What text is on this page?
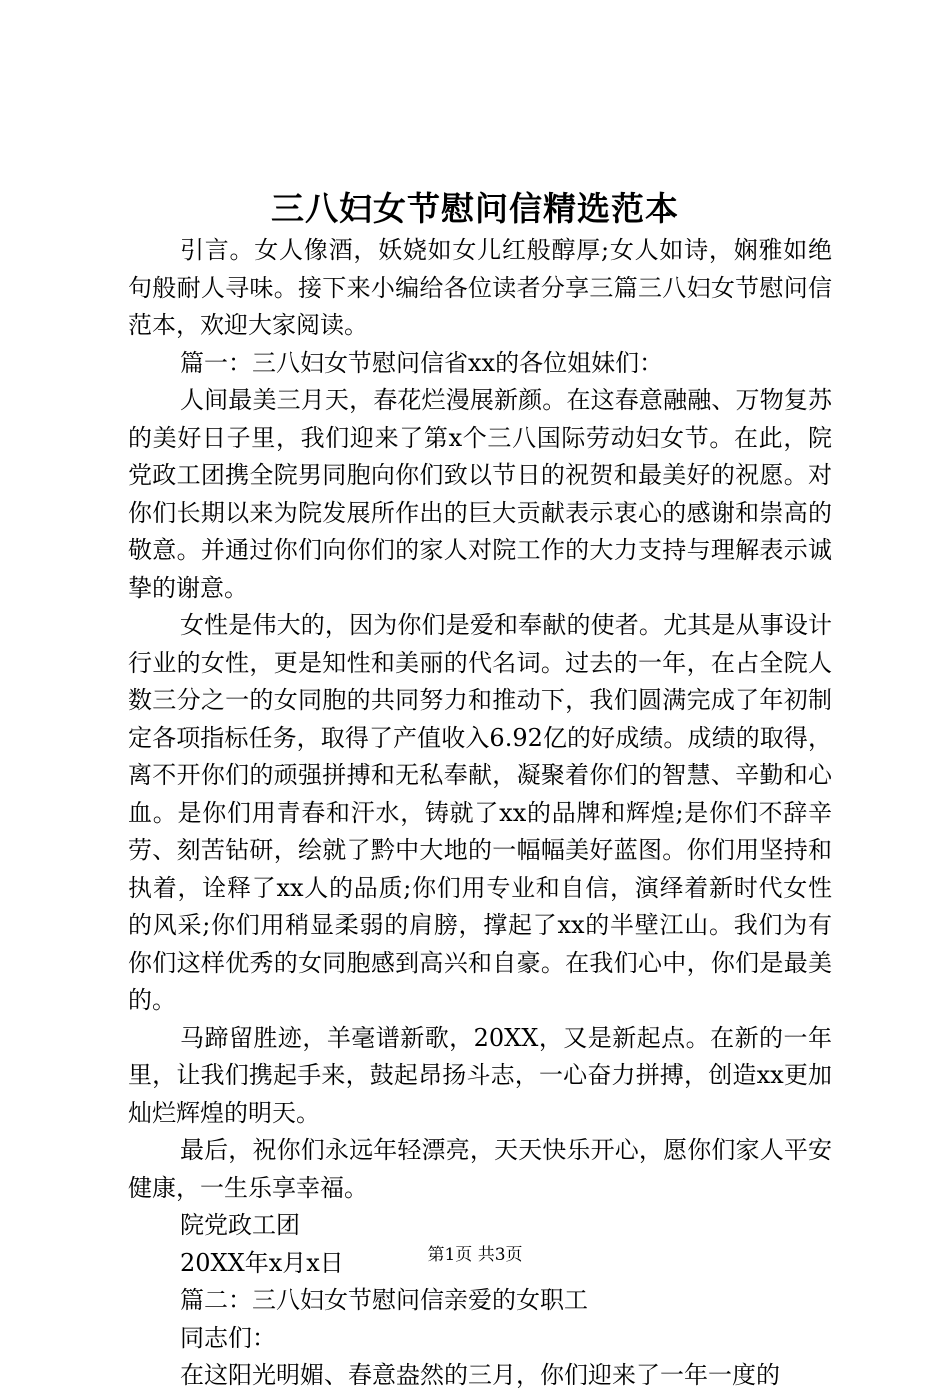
三八妇女节慰问信精选范本

引言。女人像酒，妖娆如女儿红般醇厚;女人如诗，娴雅如绝句般耐人寻味。接下来小编给各位读者分享三篇三八妇女节慰问信范本，欢迎大家阅读。

篇一：三八妇女节慰问信省xx的各位姐妹们：

人间最美三月天，春花烂漫展新颜。在这春意融融、万物复苏的美好日子里，我们迎来了第x个三八国际劳动妇女节。在此，院党政工团携全院男同胞向你们致以节日的祝贺和最美好的祝愿。对你们长期以来为院发展所作出的巨大贡献表示衷心的感谢和崇高的敬意。并通过你们向你们的家人对院工作的大力支持与理解表示诚挚的谢意。

女性是伟大的，因为你们是爱和奉献的使者。尤其是从事设计行业的女性，更是知性和美丽的代名词。过去的一年，在占全院人数三分之一的女同胞的共同努力和推动下，我们圆满完成了年初制定各项指标任务，取得了产值收入6.92亿的好成绩。成绩的取得，离不开你们的顽强拼搏和无私奉献，凝聚着你们的智慧、辛勤和心血。是你们用青春和汗水，铸就了xx的品牌和辉煌;是你们不辞辛劳、刻苦钻研，绘就了黔中大地的一幅幅美好蓝图。你们用坚持和执着，诠释了xx人的品质;你们用专业和自信，演绎着新时代女性的风采;你们用稍显柔弱的肩膀，撑起了xx的半壁江山。我们为有你们这样优秀的女同胞感到高兴和自豪。在我们心中，你们是最美的。

马蹄留胜迹，羊毫谱新歌，20XX，又是新起点。在新的一年里，让我们携起手来，鼓起昂扬斗志，一心奋力拼搏，创造xx更加灿烂辉煌的明天。

最后，祝你们永远年轻漂亮，天天快乐开心，愿你们家人平安健康，一生乐享幸福。

院党政工团

20XX年x月x日

篇二：三八妇女节慰问信亲爱的女职工

同志们：

在这阳光明媚、春意盎然的三月，你们迎来了一年一度的

第1页 共3页
